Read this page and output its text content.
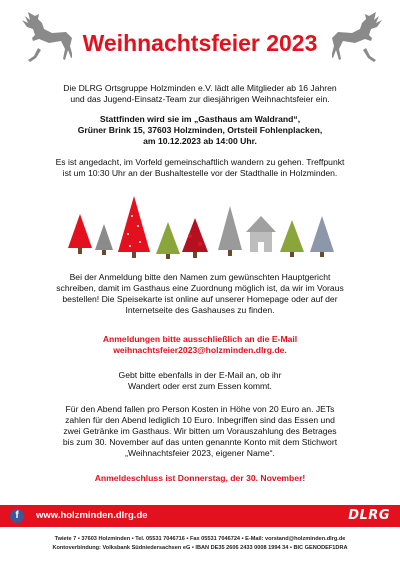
Weihnachtsfeier 2023
Die DLRG Ortsgruppe Holzminden e.V. lädt alle Mitglieder ab 16 Jahren
und das Jugend-Einsatz-Team zur diesjährigen Weihnachtsfeier ein.
Stattfinden wird sie im „Gasthaus am Waldrand“,
Grüner Brink 15, 37603 Holzminden, Ortsteil Fohlenplacken,
am 10.12.2023 ab 14:00 Uhr.
Es ist angedacht, im Vorfeld gemeinschaftlich wandern zu gehen. Treffpunkt
ist um 10:30 Uhr an der Bushaltestelle vor der Stadthalle in Holzminden.
Bei der Anmeldung bitte den Namen zum gewünschten Hauptgericht
schreiben, damit im Gasthaus eine Zuordnung möglich ist, da wir im Voraus
bestellen! Die Speisekarte ist online auf unserer Homepage oder auf der
Internetseite des Gashauses zu finden.
Anmeldungen bitte ausschließlich an die E-Mail
weihnachtsfeier2023@holzminden.dlrg.de.
Gebt bitte ebenfalls in der E-Mail an, ob ihr
Wandert oder erst zum Essen kommt.
Für den Abend fallen pro Person Kosten in Höhe von 20 Euro an. JETs
zahlen für den Abend lediglich 10 Euro. Inbegriffen sind das Essen und
zwei Getränke im Gasthaus. Wir bitten um Vorauszahlung des Betrages
bis zum 30. November auf das unten genannte Konto mit dem Stichwort
„Weihnachtsfeier 2023, eigener Name“.
Anmeldeschluss ist Donnerstag, der 30. November!
f	www.holzminden.dlrg.de	DLRG
Twiete 7 • 37603 Holzminden • Tel. 05531 7046716 • Fax 05531 7046724 • E-Mail: vorstand@holzminden.dlrg.de
Kontoverbindung: Volksbank Südniedersachsen eG • IBAN DE35 2606 2433 0008 1994 34 • BIC GENODEF1DRA
